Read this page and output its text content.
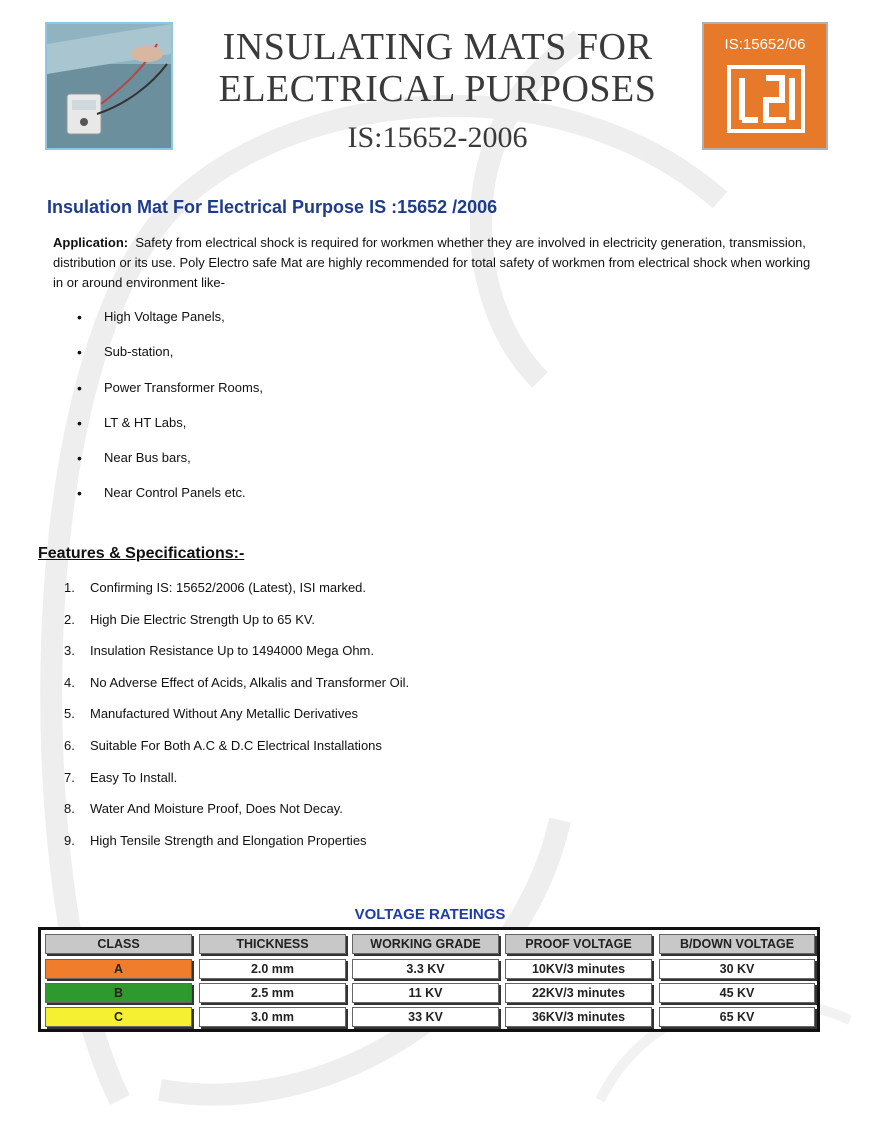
INSULATING MATS FOR
ELECTRICAL PURPOSES
IS:15652-2006
IS:15652/06
Insulation Mat For Electrical Purpose IS :15652 /2006
Application: Safety from electrical shock is required for workmen whether they are involved in electricity generation, transmission, distribution or its use. Poly Electro safe Mat are highly recommended for total safety of workmen from electrical shock when working in or around environment like-
•	High Voltage Panels,
•	Sub-station,
•	Power Transformer Rooms,
•	LT & HT Labs,
•	Near Bus bars,
•	Near Control Panels etc.
Features & Specifications:-
1.	Confirming IS: 15652/2006 (Latest), ISI marked.
2.	High Die Electric Strength Up to 65 KV.
3.	Insulation Resistance Up to 1494000 Mega Ohm.
4.	No Adverse Effect of Acids, Alkalis and Transformer Oil.
5.	Manufactured Without Any Metallic Derivatives
6.	Suitable For Both A.C & D.C Electrical Installations
7.	Easy To Install.
8.	Water And Moisture Proof, Does Not Decay.
9.	High Tensile Strength and Elongation Properties
VOLTAGE RATEINGS
CLASS	THICKNESS	WORKING GRADE	PROOF VOLTAGE	B/DOWN VOLTAGE
A	2.0 mm	3.3 KV	10KV/3 minutes	30 KV
B	2.5 mm	11 KV	22KV/3 minutes	45 KV
C	3.0 mm	33 KV	36KV/3 minutes	65 KV
